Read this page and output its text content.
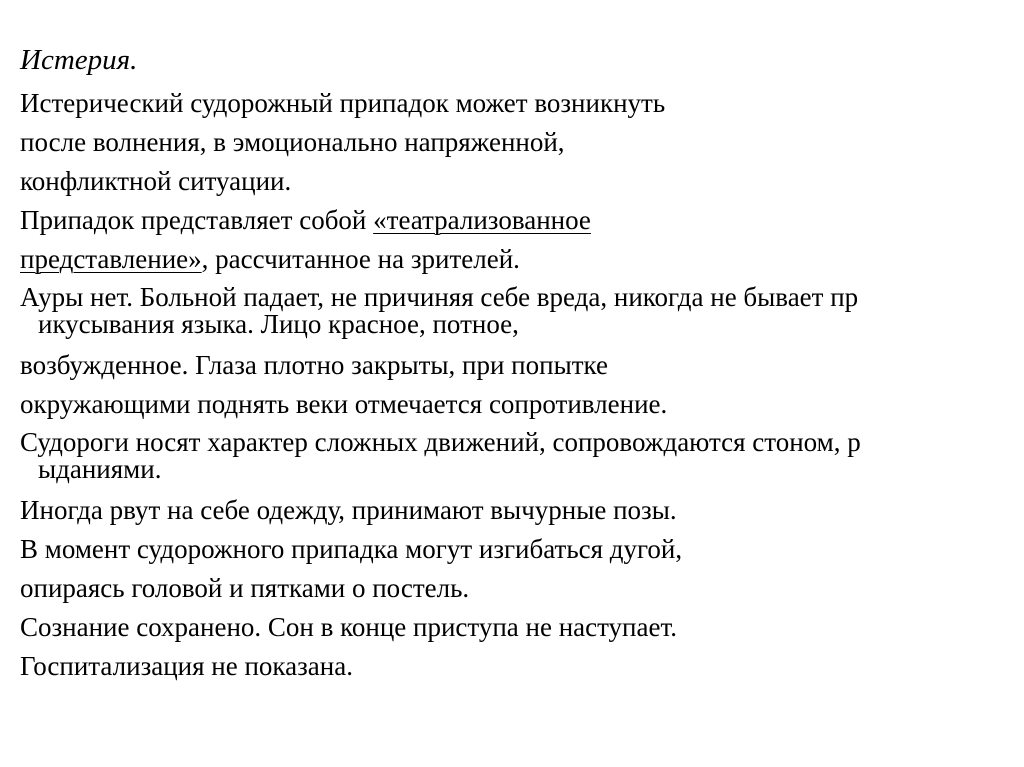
Истерия.
Истерический судорожный припадок может возникнуть
после волнения, в эмоционально напряженной,
конфликтной ситуации.
Припадок представляет собой «театрализованное
представление», рассчитанное на зрителей.
Ауры нет. Больной падает, не причиняя себе вреда, никогда не бывает пр
икусывания языка. Лицо красное, потное,
возбужденное. Глаза плотно закрыты, при попытке
окружающими поднять веки отмечается сопротивление.
Судороги носят характер сложных движений, сопровождаются стоном, р
ыданиями.
Иногда рвут на себе одежду, принимают вычурные позы.
В момент судорожного припадка могут изгибаться дугой,
опираясь головой и пятками о постель.
Сознание сохранено. Сон в конце приступа не наступает.
Госпитализация не показана.
